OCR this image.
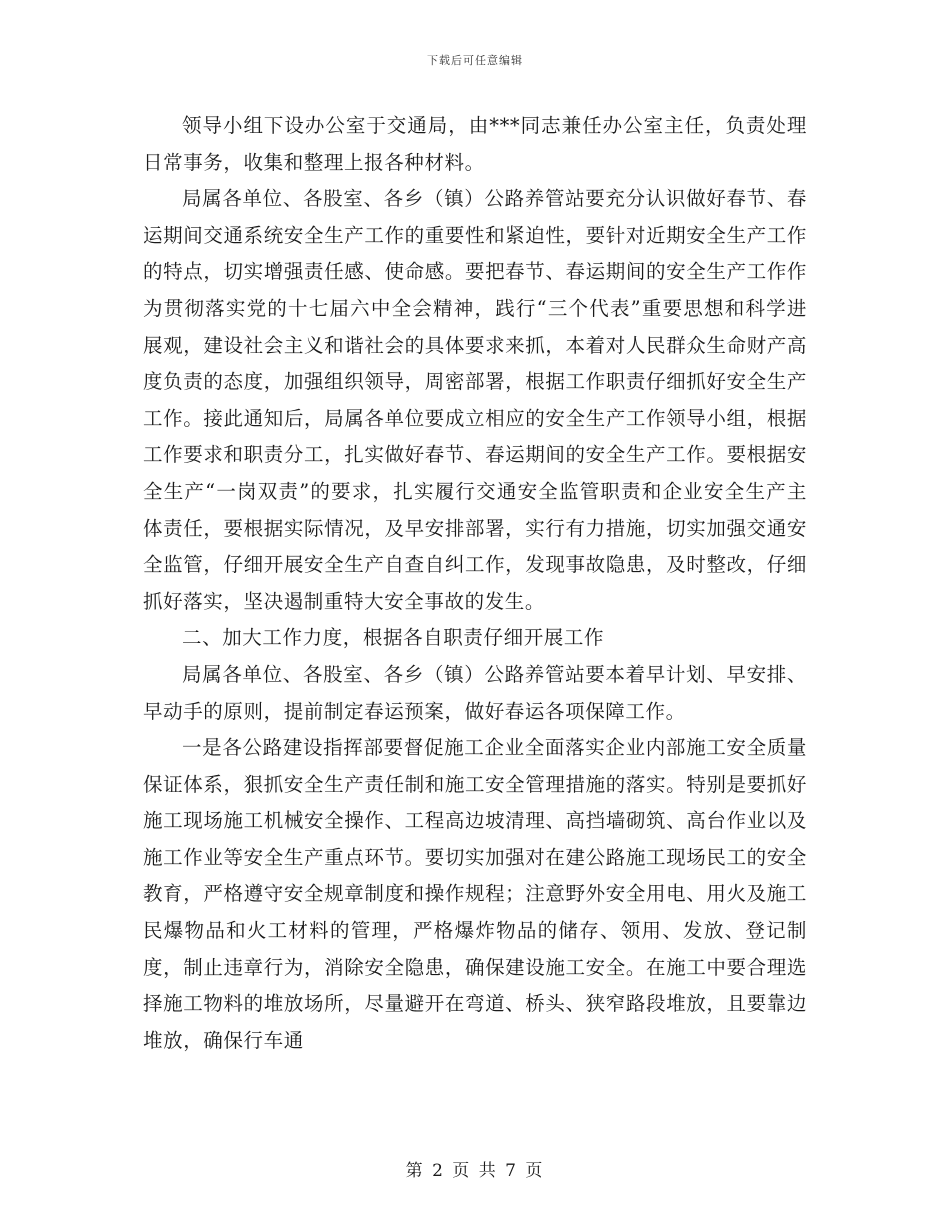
下载后可任意编辑

领导小组下设办公室于交通局，由***同志兼任办公室主任，负责处理日常事务，收集和整理上报各种材料。

局属各单位、各股室、各乡（镇）公路养管站要充分认识做好春节、春运期间交通系统安全生产工作的重要性和紧迫性，要针对近期安全生产工作的特点，切实增强责任感、使命感。要把春节、春运期间的安全生产工作作为贯彻落实党的十七届六中全会精神，践行“三个代表”重要思想和科学进展观，建设社会主义和谐社会的具体要求来抓，本着对人民群众生命财产高度负责的态度，加强组织领导，周密部署，根据工作职责仔细抓好安全生产工作。接此通知后，局属各单位要成立相应的安全生产工作领导小组，根据工作要求和职责分工，扎实做好春节、春运期间的安全生产工作。要根据安全生产“一岗双责”的要求，扎实履行交通安全监管职责和企业安全生产主体责任，要根据实际情况，及早安排部署，实行有力措施，切实加强交通安全监管，仔细开展安全生产自查自纠工作，发现事故隐患，及时整改，仔细抓好落实，坚决遏制重特大安全事故的发生。

二、加大工作力度，根据各自职责仔细开展工作

局属各单位、各股室、各乡（镇）公路养管站要本着早计划、早安排、早动手的原则，提前制定春运预案，做好春运各项保障工作。

一是各公路建设指挥部要督促施工企业全面落实企业内部施工安全质量保证体系，狠抓安全生产责任制和施工安全管理措施的落实。特别是要抓好施工现场施工机械安全操作、工程高边坡清理、高挡墙砌筑、高台作业以及施工作业等安全生产重点环节。要切实加强对在建公路施工现场民工的安全教育，严格遵守安全规章制度和操作规程；注意野外安全用电、用火及施工民爆物品和火工材料的管理，严格爆炸物品的储存、领用、发放、登记制度，制止违章行为，消除安全隐患，确保建设施工安全。在施工中要合理选择施工物料的堆放场所，尽量避开在弯道、桥头、狭窄路段堆放，且要靠边堆放，确保行车通

第 2 页 共 7 页
